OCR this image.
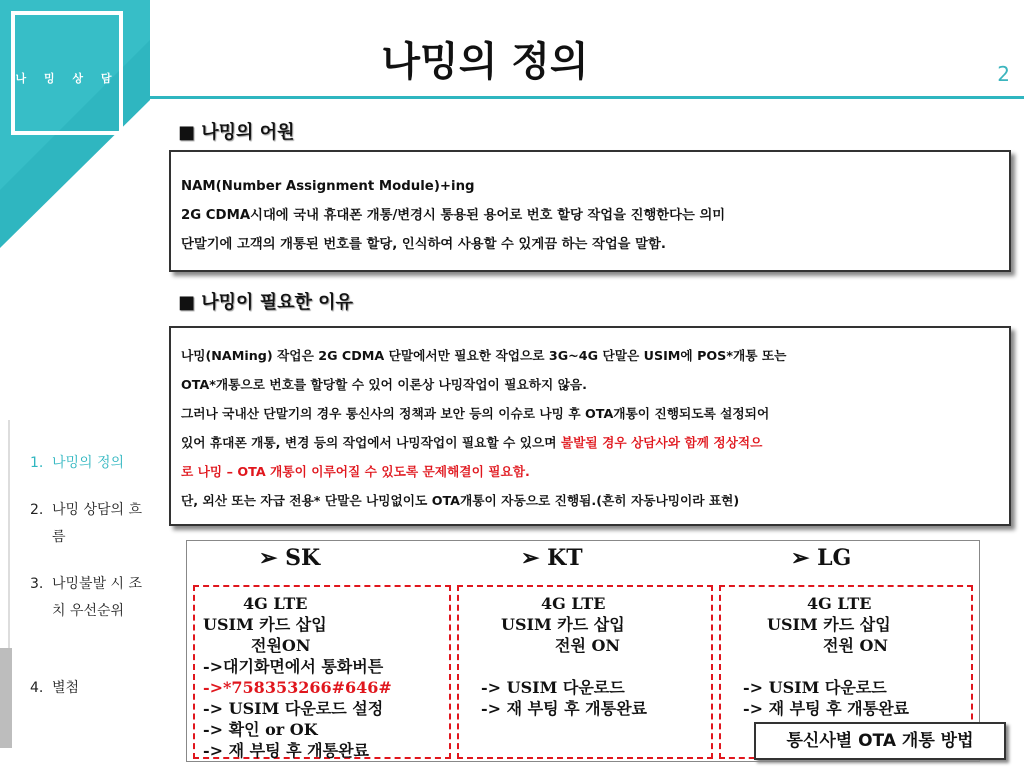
나 밍 상 담	나밍의 정의	2
■ 나밍의 어원

NAM(Number Assignment Module)+ing

2G CDMA시대에 국내 휴대폰 개통/변경시 통용된 용어로 번호 할당 작업을 진행한다는 의미

단말기에 고객의 개통된 번호를 할당, 인식하여 사용할 수 있게끔 하는 작업을 말함.

■ 나밍이 필요한 이유

나밍(NAMing) 작업은 2G CDMA 단말에서만 필요한 작업으로 3G~4G 단말은 USIM에 POS*개통 또는

OTA*개통으로 번호를 할당할 수 있어 이론상 나밍작업이 필요하지 않음.

그러나 국내산 단말기의 경우 통신사의 정책과 보안 등의 이슈로 나밍 후 OTA개통이 진행되도록 설정되어

있어 휴대폰 개통, 변경 등의 작업에서 나밍작업이 필요할 수 있으며 불발될 경우 상담사와 함께 정상적으

로 나밍 – OTA 개통이 이루어질 수 있도록 문제해결이 필요함.

단, 외산 또는 자급 전용* 단말은 나밍없이도 OTA개통이 자동으로 진행됨.(흔히 자동나밍이라 표현)

1. 나밍의 정의
2. 나밍 상담의 흐름
3. 나밍불발 시 조치 우선순위
4. 별첨
➢ SK	➢ KT	➢ LG
4G LTE
USIM 카드 삽입
전원ON
->대기화면에서 통화버튼
->*758353266#646#
-> USIM 다운로드 설정
-> 확인 or OK
-> 재 부팅 후 개통완료
4G LTE
USIM 카드 삽입
전원 ON
-> USIM 다운로드
-> 재 부팅 후 개통완료
4G LTE
USIM 카드 삽입
전원 ON
-> USIM 다운로드
-> 재 부팅 후 개통완료
통신사별 OTA 개통 방법
